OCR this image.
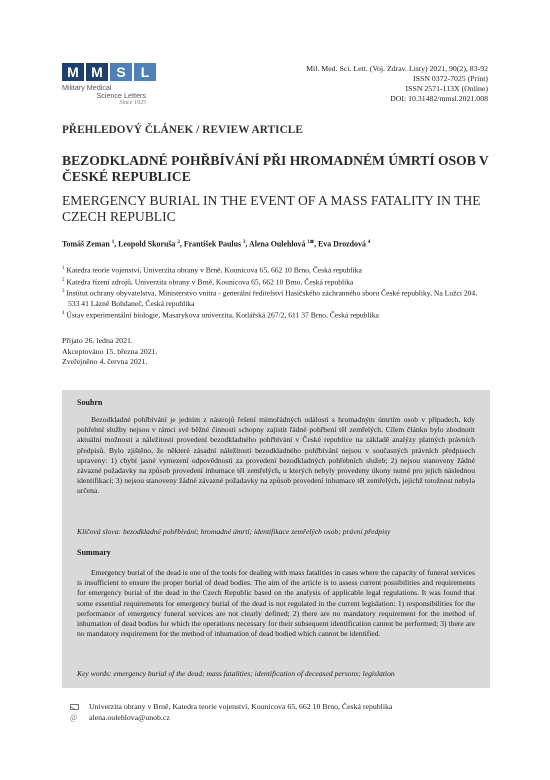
M M S	L
Military Medical
Science Letters
Since 1925
Mil. Med. Sci. Lett. (Voj. Zdrav. Listy) 2021, 90(2), 83-92
ISSN 0372-7025 (Print)
ISSN 2571-113X (Online)
DOI: 10.31482/mmsl.2021.008
PŘEHLEDOVÝ ČLÁNEK / REVIEW ARTICLE
BEZODKLADNÉ POHŘBÍVÁNÍ PŘI HROMADNÉM ÚMRTÍ OSOB V ČESKÉ REPUBLICE
EMERGENCY BURIAL IN THE EVENT OF A MASS FATALITY IN THE CZECH REPUBLIC
Tomáš Zeman $^1$, Leopold Skoruša $^2$, František Paulus $^3$, Alena Oulehlová $^{1⊠}$, Eva Drozdová $^4$
$^1$ Katedra teorie vojenství, Univerzita obrany v Brně, Kounicova 65, 662 10 Brno, Česká republika
$^2$ Katedra řízení zdrojů, Univerzita obrany v Brně, Kounicova 65, 662 10 Brno, Česká republika
$^3$ Institut ochrany obyvatelstva, Ministerstvo vnitra - generální ředitelství Hasičského záchranného sboru České republiky, Na Lužci 204, 533 41 Lázně Bohdaneč, Česká republika
$^4$ Ústav experimentální biologie, Masarykova univerzita, Kotlářská 267/2, 611 37 Brno, Česká republika
Přijato 26. ledna 2021.
Akceptováno 15. března 2021.
Zveřejněno 4. června 2021.
Souhrn
Bezodkladné pohřbívání je jedním z nástrojů řešení mimořádných událostí s hromadným úmrtím osob v případech, kdy pohřební služby nejsou v rámci své běžné činnosti schopny zajistit řádné pohřbení těl zemřelých. Cílem článku bylo zhodnotit aktuální možnosti a náležitosti provedení bezodkladného pohřbívání v České republice na základě analýzy platných právních předpisů. Bylo zjištěno, že některé zásadní náležitosti bezodkladného pohřbívání nejsou v současných právních předpisech upraveny: 1) chybí jasné vymezení odpovědnosti za provedení bezodkladných pohřebních služeb; 2) nejsou stanoveny žádné závazné požadavky na způsob provedení inhumace těl zemřelých, u kterých nebyly provedeny úkony nutné pro jejich následnou identifikaci; 3) nejsou stanoveny žádné závazné požadavky na způsob provedení inhumace těl zemřelých, jejichž totožnost nebyla určena.
Klíčová slova: bezodkladné pohřbívání; hromadné úmrtí; identifikace zemřelých osob; právní předpisy
Summary
Emergency burial of the dead is one of the tools for dealing with mass fatalities in cases where the capacity of funeral services is insufficient to ensure the proper burial of dead bodies. The aim of the article is to assess current possibilities and requirements for emergency burial of the dead in the Czech Republic based on the analysis of applicable legal regulations. It was found that some essential requirements for emergency burial of the dead is not regulated in the current legislation: 1) responsibilities for the performance of emergency funeral services are not clearly defined; 2) there are no mandatory requirement for the method of inhumation of dead bodies for which the operations necessary for their subsequent identification cannot be performed; 3) there are no mandatory requirement for the method of inhumation of dead bodied which cannot be identified.
Key words: emergency burial of the dead; mass fatalities; identification of deceased persons; legislation
Univerzita obrany v Brně, Katedra teorie vojenství, Kounicova 65, 662 10 Brno, Česká republika
@ alena.oulehlova@unob.cz
